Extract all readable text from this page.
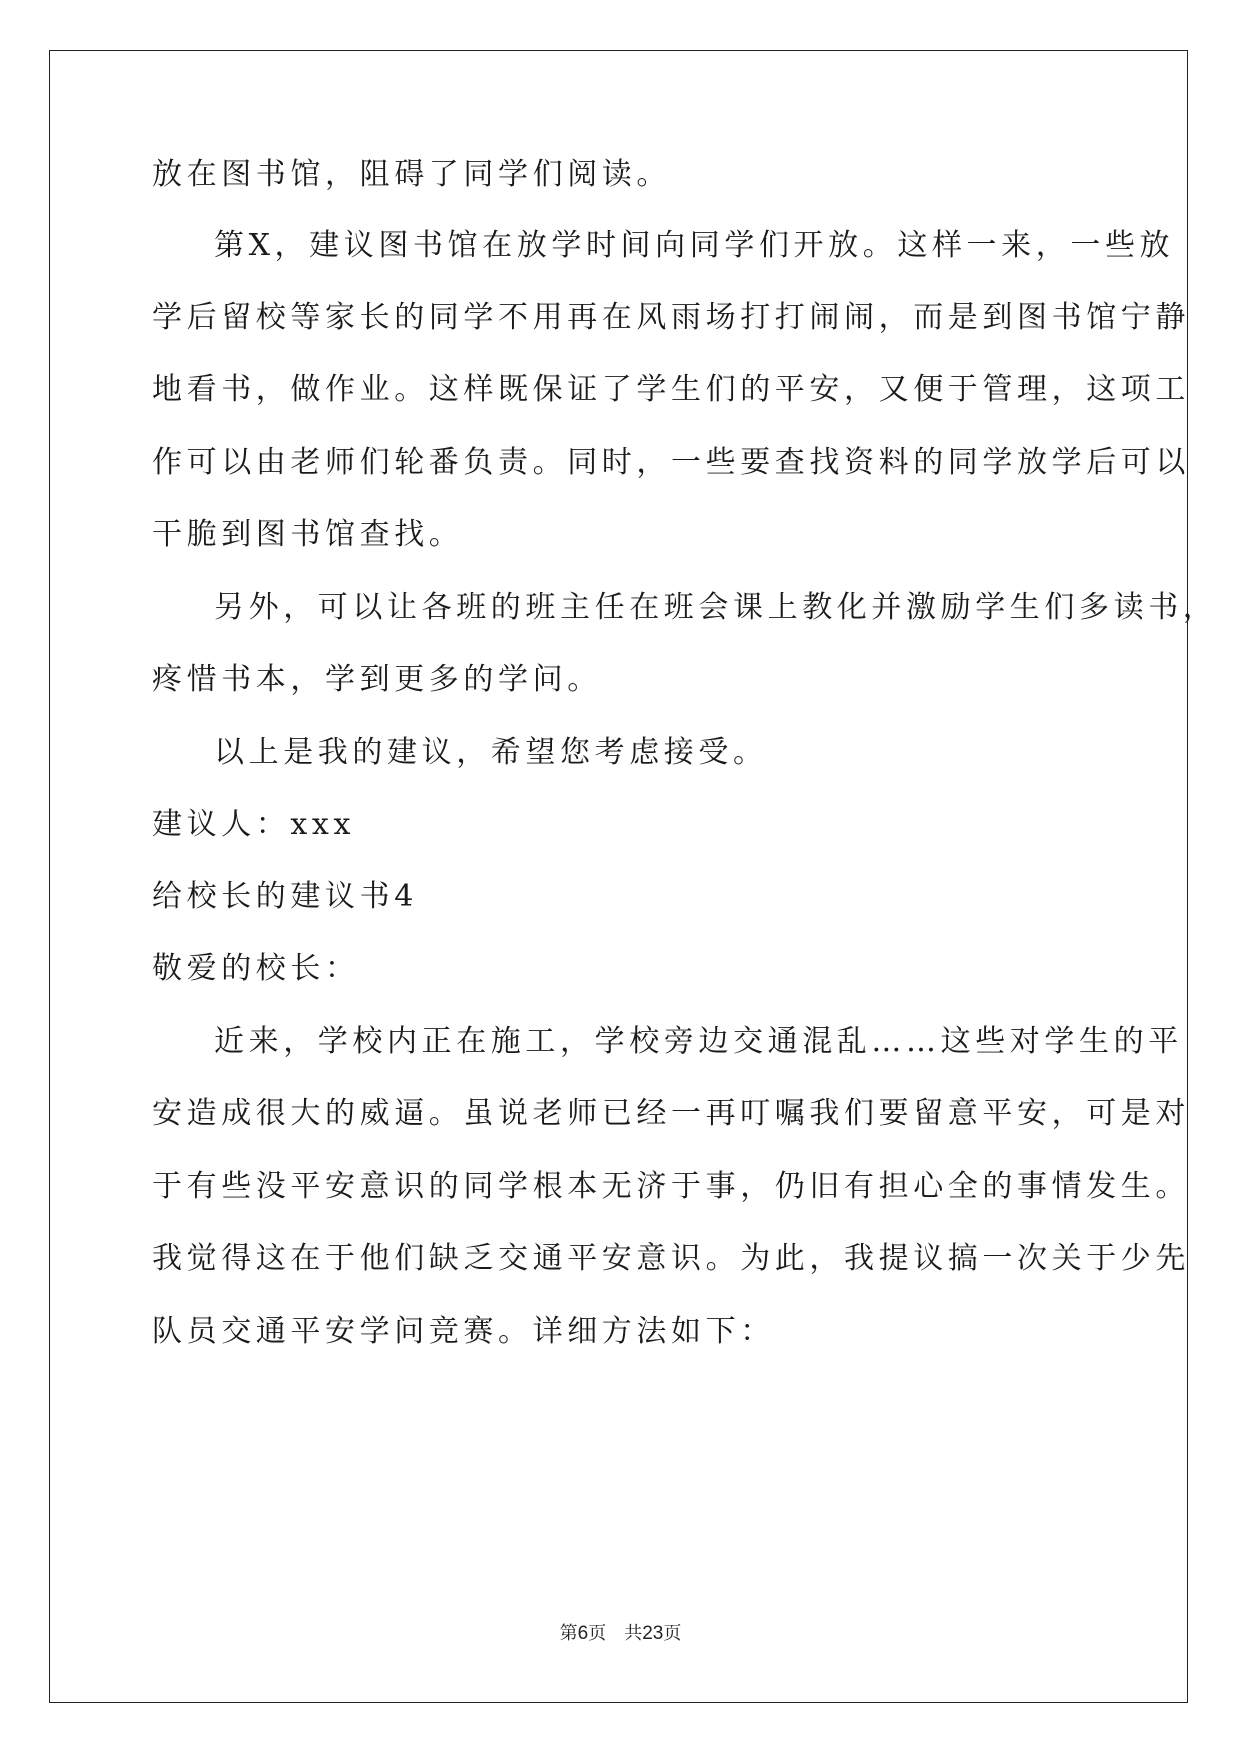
放在图书馆，阻碍了同学们阅读。
第X，建议图书馆在放学时间向同学们开放。这样一来，一些放
学后留校等家长的同学不用再在风雨场打打闹闹，而是到图书馆宁静
地看书，做作业。这样既保证了学生们的平安，又便于管理，这项工
作可以由老师们轮番负责。同时，一些要查找资料的同学放学后可以
干脆到图书馆查找。
另外，可以让各班的班主任在班会课上教化并激励学生们多读书，
疼惜书本，学到更多的学问。
以上是我的建议，希望您考虑接受。
建议人：xxx
给校长的建议书4
敬爱的校长：
近来，学校内正在施工，学校旁边交通混乱……这些对学生的平
安造成很大的威逼。虽说老师已经一再叮嘱我们要留意平安，可是对
于有些没平安意识的同学根本无济于事，仍旧有担心全的事情发生。
我觉得这在于他们缺乏交通平安意识。为此，我提议搞一次关于少先
队员交通平安学问竞赛。详细方法如下：
第6页 共23页
